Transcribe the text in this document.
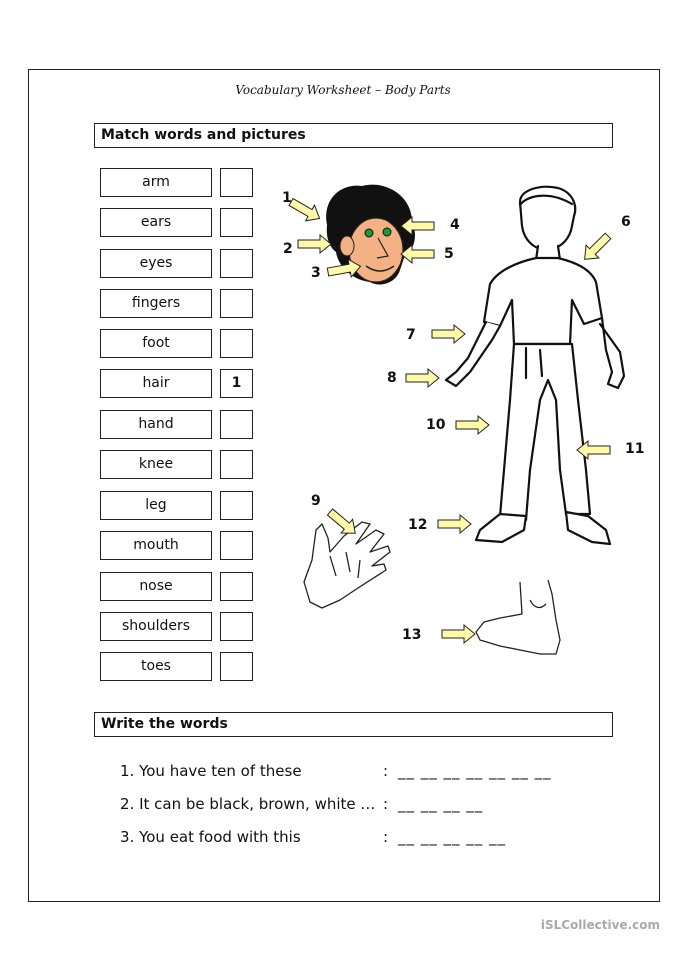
Vocabulary Worksheet – Body Parts
Match words and pictures
Write the words
arm
ears
eyes
fingers
foot
hair
hand
knee
leg
mouth
nose
shoulders
toes
1
1
2
3
4
5
6
7
8
9
10
11
12
13
1. You have ten of these	: __ __ __ __ __ __ __
2. It can be black, brown, white … : __ __ __ __
3. You eat food with this	: __ __ __ __ __
iSLCollective.com
